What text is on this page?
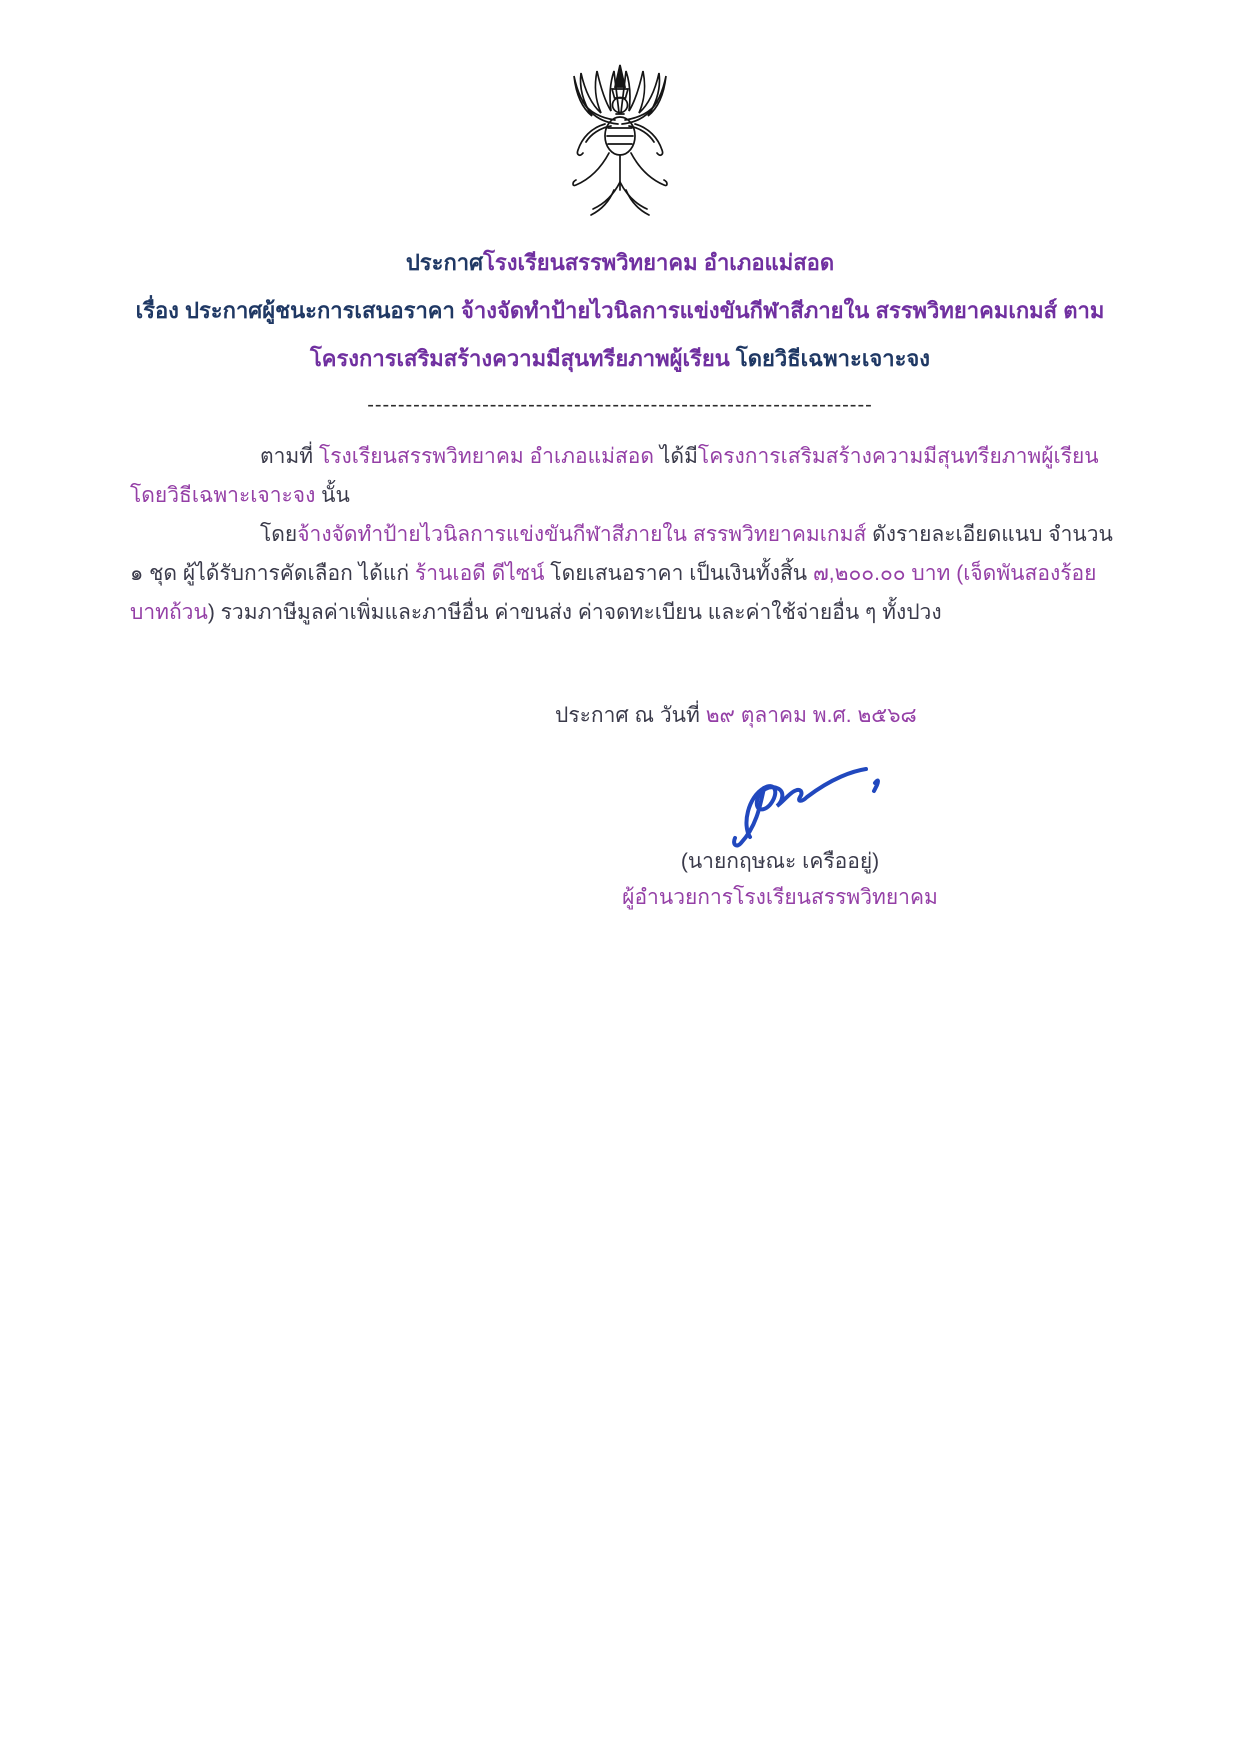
ประกาศโรงเรียนสรรพวิทยาคม อำเภอแม่สอด
เรื่อง ประกาศผู้ชนะการเสนอราคา จ้างจัดทำป้ายไวนิลการแข่งขันกีฬาสีภายใน สรรพวิทยาคมเกมส์ ตาม
โครงการเสริมสร้างความมีสุนทรียภาพผู้เรียน โดยวิธีเฉพาะเจาะจง
------------------------------------------------------------------

ตามที่ โรงเรียนสรรพวิทยาคม อำเภอแม่สอด ได้มีโครงการเสริมสร้างความมีสุนทรียภาพผู้เรียน โดยวิธีเฉพาะเจาะจง นั้น

โดยจ้างจัดทำป้ายไวนิลการแข่งขันกีฬาสีภายใน สรรพวิทยาคมเกมส์ ดังรายละเอียดแนบ จำนวน ๑ ชุด ผู้ได้รับการคัดเลือก ได้แก่ ร้านเอดี ดีไซน์ โดยเสนอราคา เป็นเงินทั้งสิ้น ๗,๒๐๐.๐๐ บาท (เจ็ดพันสองร้อยบาทถ้วน) รวมภาษีมูลค่าเพิ่มและภาษีอื่น ค่าขนส่ง ค่าจดทะเบียน และค่าใช้จ่ายอื่น ๆ ทั้งปวง

ประกาศ ณ วันที่ ๒๙ ตุลาคม พ.ศ. ๒๕๖๘
(นายกฤษณะ เครืออยู่)
ผู้อำนวยการโรงเรียนสรรพวิทยาคม
